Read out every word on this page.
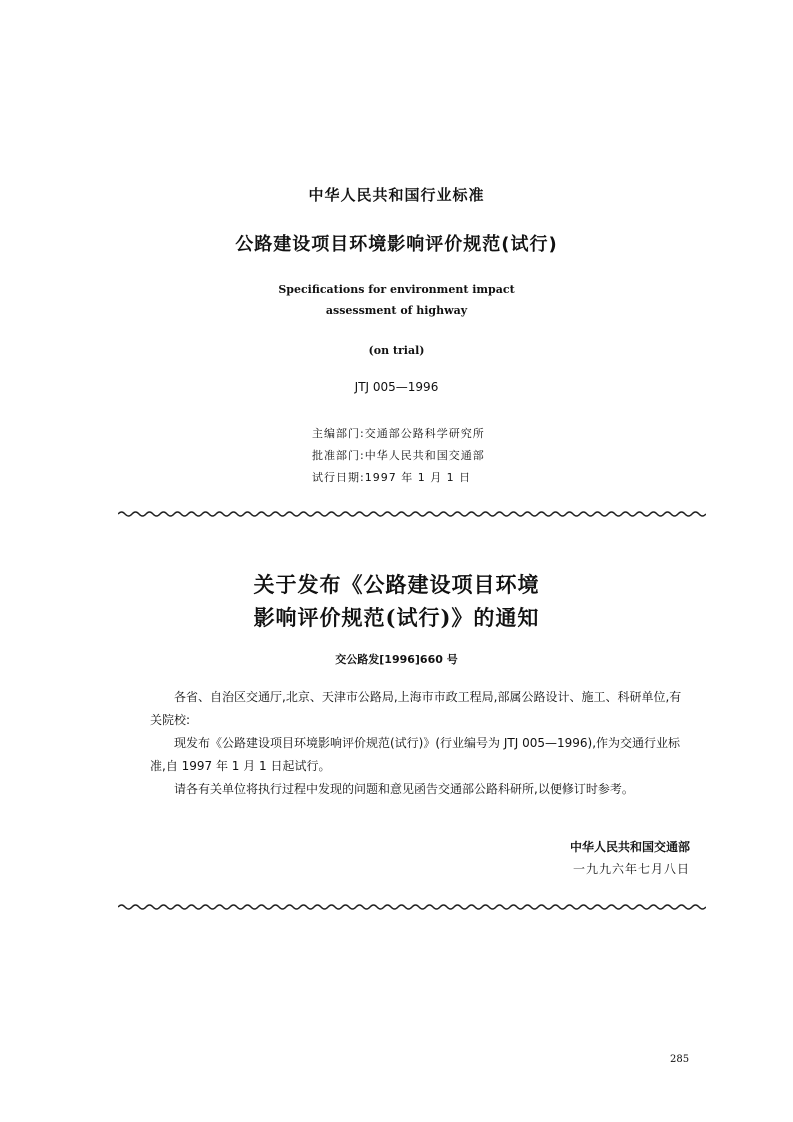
中华人民共和国行业标准
公路建设项目环境影响评价规范(试行)
Specifications for environment impact
assessment of highway
(on trial)
JTJ 005—1996
主编部门:交通部公路科学研究所
批准部门:中华人民共和国交通部
试行日期:1997 年 1 月 1 日
关于发布《公路建设项目环境
影响评价规范(试行)》的通知
交公路发[1996]660 号

各省、自治区交通厅,北京、天津市公路局,上海市市政工程局,部属公路设计、施工、科研单位,有关院校:

现发布《公路建设项目环境影响评价规范(试行)》(行业编号为 JTJ 005—1996),作为交通行业标准,自 1997 年 1 月 1 日起试行。

请各有关单位将执行过程中发现的问题和意见函告交通部公路科研所,以便修订时参考。

中华人民共和国交通部
一九九六年七月八日
285
